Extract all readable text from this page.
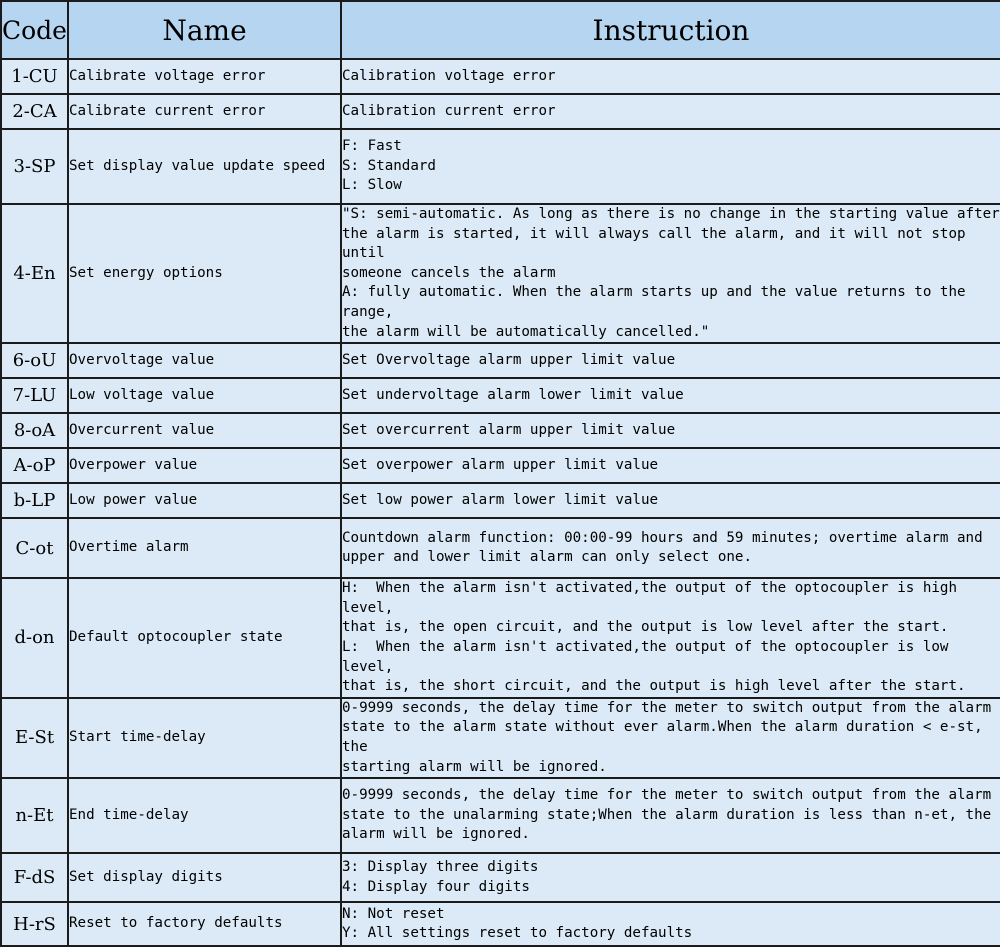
Code	Name	Instruction
1-CU	Calibrate voltage error	Calibration voltage error

2-CA	Calibrate current error	Calibration current error

3-SP	Set display value update speed	F: Fast
S: Standard
L: Slow

4-En	Set energy options	"S: semi-automatic. As long as there is no change in the starting value after
the alarm is started, it will always call the alarm, and it will not stop until
someone cancels the alarm
A: fully automatic. When the alarm starts up and the value returns to the range,
the alarm will be automatically cancelled."

6-oU	Overvoltage value	Set Overvoltage alarm upper limit value

7-LU	Low voltage value	Set undervoltage alarm lower limit value

8-oA	Overcurrent value	Set overcurrent alarm upper limit value

A-oP	Overpower value	Set overpower alarm upper limit value

b-LP	Low power value	Set low power alarm lower limit value

C-ot	Overtime alarm	Countdown alarm function: 00:00-99 hours and 59 minutes; overtime alarm and
upper and lower limit alarm can only select one.

d-on	Default optocoupler state	H:  When the alarm isn't activated,the output of the optocoupler is high level,
that is, the open circuit, and the output is low level after the start.
L:  When the alarm isn't activated,the output of the optocoupler is low level,
that is, the short circuit, and the output is high level after the start.

E-St	Start time-delay	0-9999 seconds, the delay time for the meter to switch output from the alarm
state to the alarm state without ever alarm.When the alarm duration < e-st, the
starting alarm will be ignored.

n-Et	End time-delay	0-9999 seconds, the delay time for the meter to switch output from the alarm
state to the unalarming state;When the alarm duration is less than n-et, the
alarm will be ignored.

F-dS	Set display digits	3: Display three digits
4: Display four digits

H-rS	Reset to factory defaults	N: Not reset
Y: All settings reset to factory defaults
